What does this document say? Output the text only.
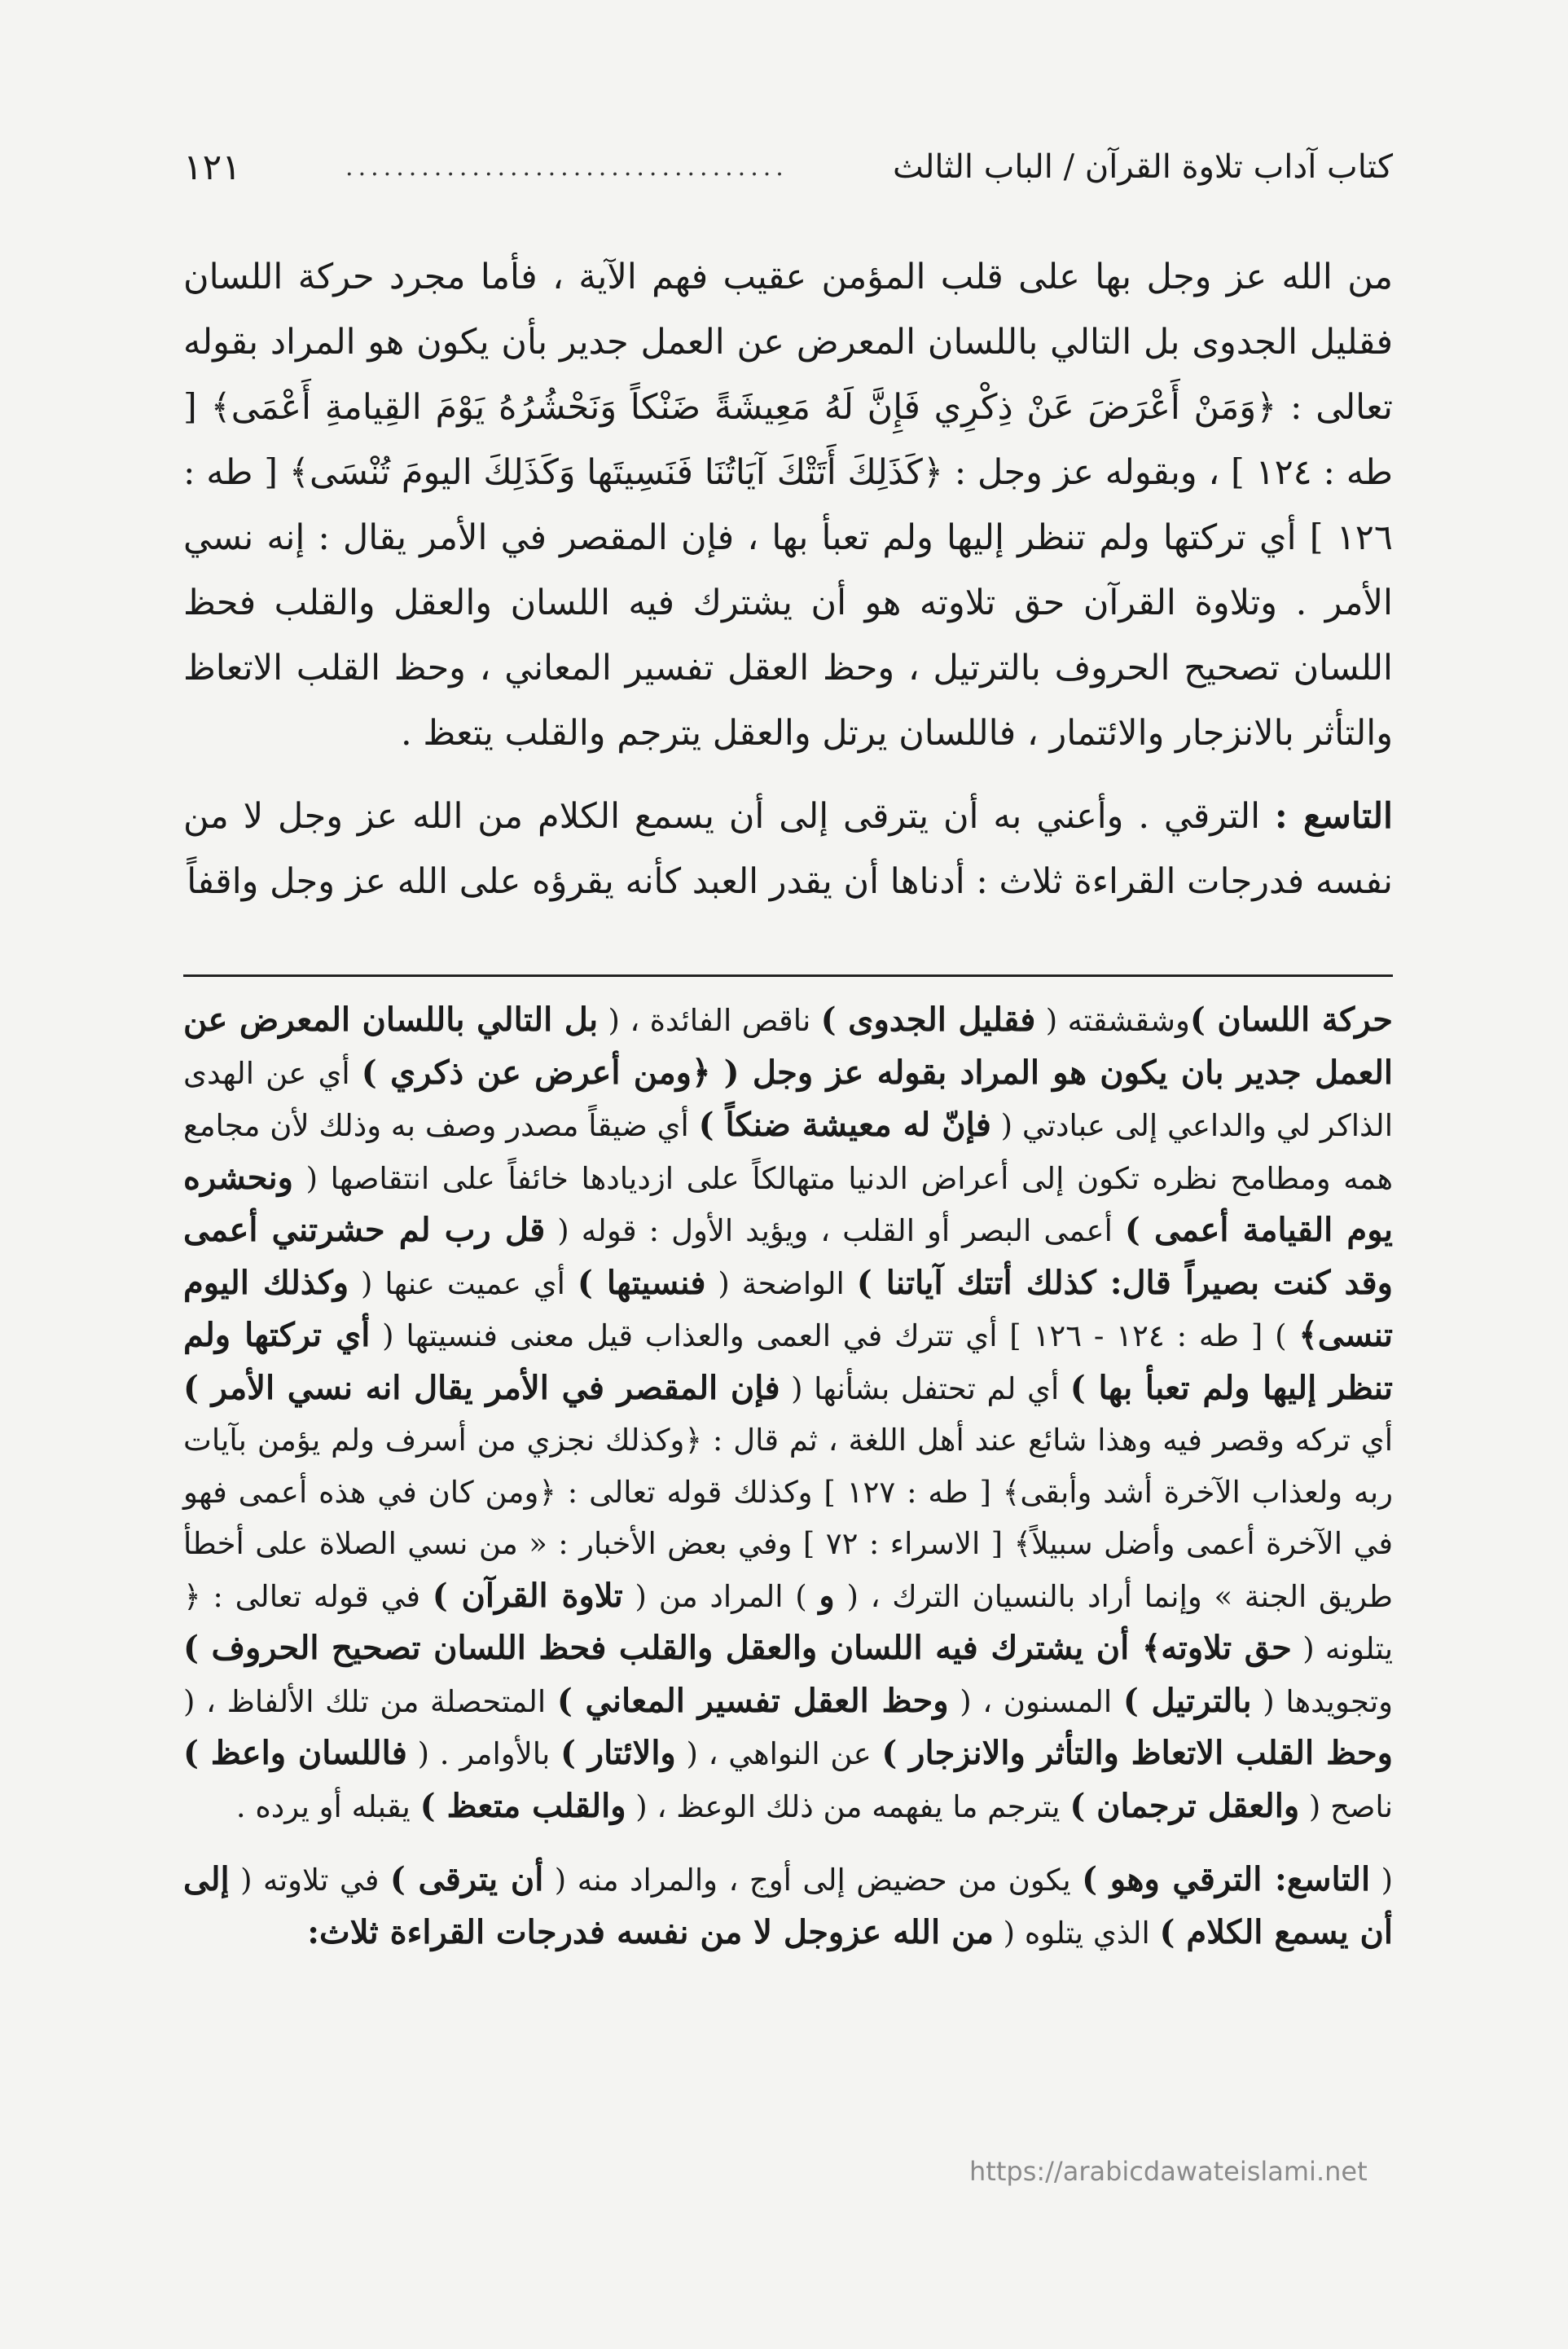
كتاب آداب تلاوة القرآن / الباب الثالث
...................................
١٢١

من الله عز وجل بها على قلب المؤمن عقيب فهم الآية ، فأما مجرد حركة اللسان فقليل الجدوى بل التالي باللسان المعرض عن العمل جدير بأن يكون هو المراد بقوله تعالى : ﴿وَمَنْ أَعْرَضَ عَنْ ذِكْرِي فَإِنَّ لَهُ مَعِيشَةً ضَنْكاً وَنَحْشُرُهُ يَوْمَ القِيامةِ أَعْمَى﴾ [ طه : ١٢٤ ] ، وبقوله عز وجل : ﴿كَذَلِكَ أَتَتْكَ آيَاتُنَا فَنَسِيتَها وَكَذَلِكَ اليومَ تُنْسَى﴾ [ طه : ١٢٦ ] أي تركتها ولم تنظر إليها ولم تعبأ بها ، فإن المقصر في الأمر يقال : إنه نسي الأمر . وتلاوة القرآن حق تلاوته هو أن يشترك فيه اللسان والعقل والقلب فحظ اللسان تصحيح الحروف بالترتيل ، وحظ العقل تفسير المعاني ، وحظ القلب الاتعاظ والتأثر بالانزجار والائتمار ، فاللسان يرتل والعقل يترجم والقلب يتعظ .

التاسع : الترقي . وأعني به أن يترقى إلى أن يسمع الكلام من الله عز وجل لا من نفسه فدرجات القراءة ثلاث : أدناها أن يقدر العبد كأنه يقرؤه على الله عز وجل واقفاً

حركة اللسان )وشقشقته ( فقليل الجدوى ) ناقص الفائدة ، ( بل التالي باللسان المعرض عن العمل جدير بان يكون هو المراد بقوله عز وجل ( ﴿ومن أعرض عن ذكري ) أي عن الهدى الذاكر لي والداعي إلى عبادتي ( فإنّ له معيشة ضنكاً ) أي ضيقاً مصدر وصف به وذلك لأن مجامع همه ومطامح نظره تكون إلى أعراض الدنيا متهالكاً على ازديادها خائفاً على انتقاصها ( ونحشره يوم القيامة أعمى ) أعمى البصر أو القلب ، ويؤيد الأول : قوله ( قل رب لم حشرتني أعمى وقد كنت بصيراً قال: كذلك أتتك آياتنا ) الواضحة ( فنسيتها ) أي عميت عنها ( وكذلك اليوم تنسى﴾ ) [ طه : ١٢٤ - ١٢٦ ] أي تترك في العمى والعذاب قيل معنى فنسيتها ( أي تركتها ولم تنظر إليها ولم تعبأ بها ) أي لم تحتفل بشأنها ( فإن المقصر في الأمر يقال انه نسي الأمر ) أي تركه وقصر فيه وهذا شائع عند أهل اللغة ، ثم قال : ﴿وكذلك نجزي من أسرف ولم يؤمن بآيات ربه ولعذاب الآخرة أشد وأبقى﴾ [ طه : ١٢٧ ] وكذلك قوله تعالى : ﴿ومن كان في هذه أعمى فهو في الآخرة أعمى وأضل سبيلاً﴾ [ الاسراء : ٧٢ ] وفي بعض الأخبار : « من نسي الصلاة على أخطأ طريق الجنة » وإنما أراد بالنسيان الترك ، ( و ) المراد من ( تلاوة القرآن ) في قوله تعالى : ﴿ يتلونه ( حق تلاوته﴾ أن يشترك فيه اللسان والعقل والقلب فحظ اللسان تصحيح الحروف ) وتجويدها ( بالترتيل ) المسنون ، ( وحظ العقل تفسير المعاني ) المتحصلة من تلك الألفاظ ، ( وحظ القلب الاتعاظ والتأثر والانزجار ) عن النواهي ، ( والائتار ) بالأوامر . ( فاللسان واعظ ) ناصح ( والعقل ترجمان ) يترجم ما يفهمه من ذلك الوعظ ، ( والقلب متعظ ) يقبله أو يرده .

( التاسع: الترقي وهو ) يكون من حضيض إلى أوج ، والمراد منه ( أن يترقى ) في تلاوته ( إلى أن يسمع الكلام ) الذي يتلوه ( من الله عزوجل لا من نفسه فدرجات القراءة ثلاث:

https://arabicdawateislami.net
